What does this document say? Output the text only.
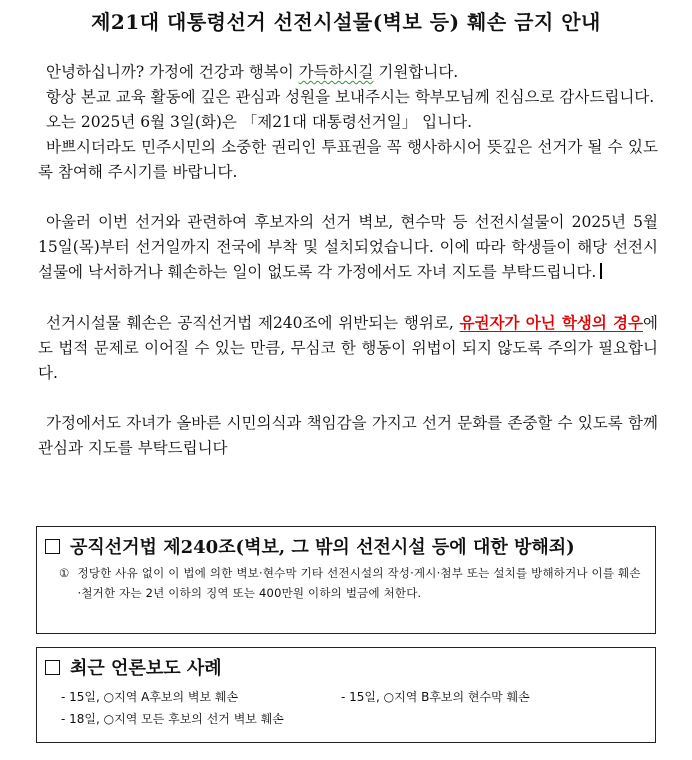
제21대 대통령선거 선전시설물(벽보 등) 훼손 금지 안내

안녕하십니까? 가정에 건강과 행복이 가득하시길 기원합니다.

항상 본교 교육 활동에 깊은 관심과 성원을 보내주시는 학부모님께 진심으로 감사드립니다.

오는 2025년 6월 3일(화)은 「제21대 대통령선거일」 입니다.

바쁘시더라도 민주시민의 소중한 권리인 투표권을 꼭 행사하시어 뜻깊은 선거가 될 수 있도록 참여해 주시기를 바랍니다.

아울러 이번 선거와 관련하여 후보자의 선거 벽보, 현수막 등 선전시설물이 2025년 5월 15일(목)부터 선거일까지 전국에 부착 및 설치되었습니다. 이에 따라 학생들이 해당 선전시설물에 낙서하거나 훼손하는 일이 없도록 각 가정에서도 자녀 지도를 부탁드립니다.

선거시설물 훼손은 공직선거법 제240조에 위반되는 행위로, 유권자가 아닌 학생의 경우에도 법적 문제로 이어질 수 있는 만큼, 무심코 한 행동이 위법이 되지 않도록 주의가 필요합니다.

가정에서도 자녀가 올바른 시민의식과 책임감을 가지고 선거 문화를 존중할 수 있도록 함께 관심과 지도를 부탁드립니다

공직선거법 제240조(벽보, 그 밖의 선전시설 등에 대한 방해죄)
① 정당한 사유 없이 이 법에 의한 벽보·현수막 기타 선전시설의 작성·게시·첨부 또는 설치를 방해하거나 이를 훼손·철거한 자는 2년 이하의 징역 또는 400만원 이하의 벌금에 처한다.
최근 언론보도 사례
- 15일, ○지역 A후보의 벽보 훼손	- 15일, ○지역 B후보의 현수막 훼손
- 18일, ○지역 모든 후보의 선거 벽보 훼손
